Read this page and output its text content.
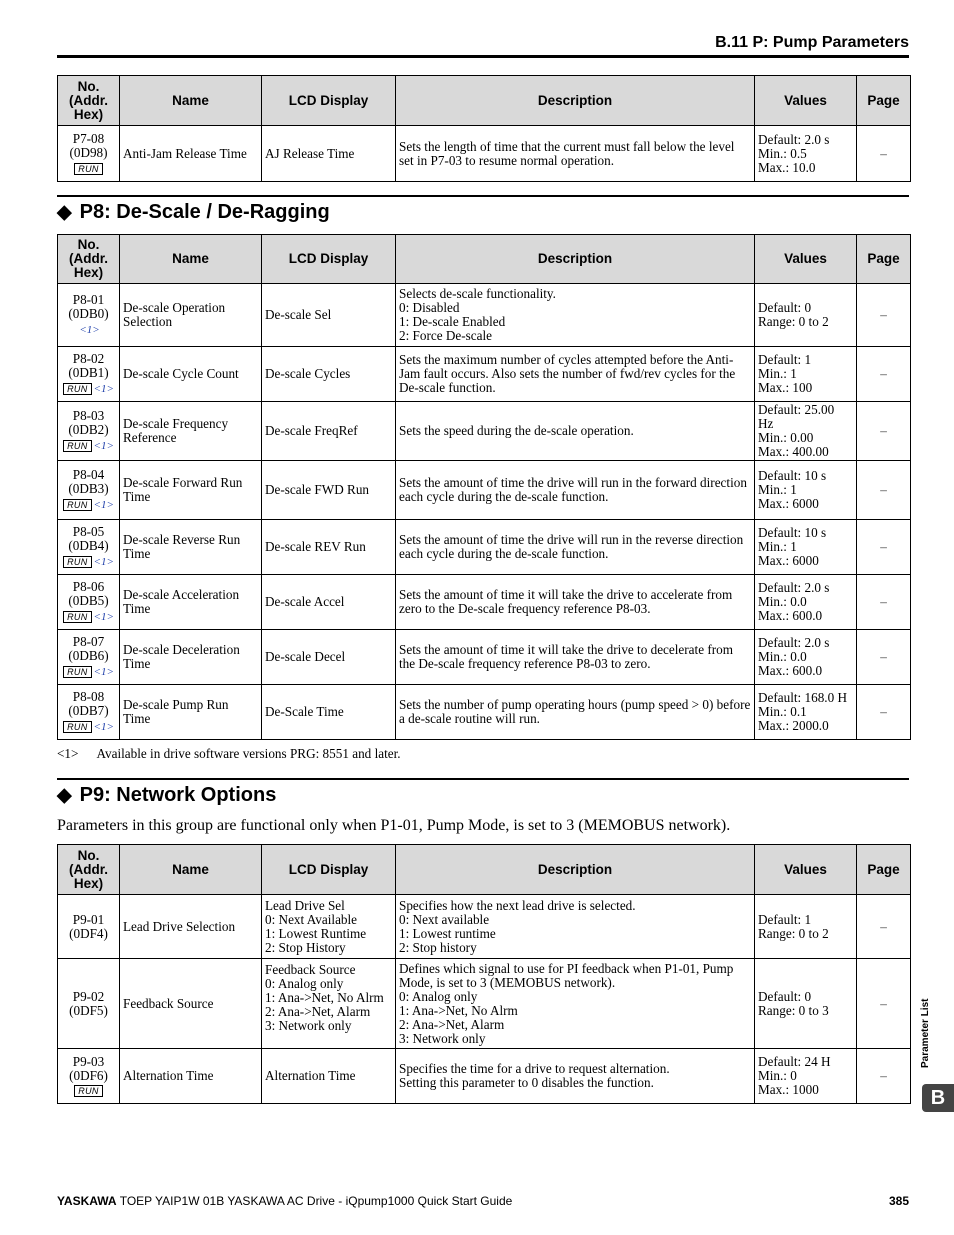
B.11 P: Pump Parameters
No.
(Addr.
Hex)	Name	LCD Display	Description	Values	Page

P7-08
(0D98)
RUN	Anti-Jam Release Time	AJ Release Time	Sets the length of time that the current must fall below the level set in P7-03 to resume normal operation.	Default: 2.0 s
Min.: 0.5
Max.: 10.0	–
◆ P8: De-Scale / De-Ragging
No.
(Addr.
Hex)	Name	LCD Display	Description	Values	Page

P8-01
(0DB0)
<1>	De-scale Operation Selection	De-scale Sel	Selects de-scale functionality.
0: Disabled
1: De-scale Enabled
2: Force De-scale	Default: 0
Range: 0 to 2	–

P8-02
(0DB1)
RUN <1>	De-scale Cycle Count	De-scale Cycles	Sets the maximum number of cycles attempted before the Anti-Jam fault occurs. Also sets the number of fwd/rev cycles for the De-scale function.	Default: 1
Min.: 1
Max.: 100	–

P8-03
(0DB2)
RUN <1>	De-scale Frequency Reference	De-scale FreqRef	Sets the speed during the de-scale operation.	Default: 25.00
Hz
Min.: 0.00
Max.: 400.00	–

P8-04
(0DB3)
RUN <1>	De-scale Forward Run Time	De-scale FWD Run	Sets the amount of time the drive will run in the forward direction each cycle during the de-scale function.	Default: 10 s
Min.: 1
Max.: 6000	–

P8-05
(0DB4)
RUN <1>	De-scale Reverse Run Time	De-scale REV Run	Sets the amount of time the drive will run in the reverse direction each cycle during the de-scale function.	Default: 10 s
Min.: 1
Max.: 6000	–

P8-06
(0DB5)
RUN <1>	De-scale Acceleration Time	De-scale Accel	Sets the amount of time it will take the drive to accelerate from zero to the De-scale frequency reference P8-03.	Default: 2.0 s
Min.: 0.0
Max.: 600.0	–

P8-07
(0DB6)
RUN <1>	De-scale Deceleration Time	De-scale Decel	Sets the amount of time it will take the drive to decelerate from the De-scale frequency reference P8-03 to zero.	Default: 2.0 s
Min.: 0.0
Max.: 600.0	–

P8-08
(0DB7)
RUN <1>	De-scale Pump Run Time	De-Scale Time	Sets the number of pump operating hours (pump speed > 0) before a de-scale routine will run.	Default: 168.0 H
Min.: 0.1
Max.: 2000.0	–
<1> Available in drive software versions PRG: 8551 and later.
◆ P9: Network Options
Parameters in this group are functional only when P1-01, Pump Mode, is set to 3 (MEMOBUS network).
No.
(Addr.
Hex)	Name	LCD Display	Description	Values	Page

P9-01
(0DF4)	Lead Drive Selection	Lead Drive Sel
0: Next Available
1: Lowest Runtime
2: Stop History	Specifies how the next lead drive is selected.
0: Next available
1: Lowest runtime
2: Stop history	Default: 1
Range: 0 to 2	–

P9-02
(0DF5)	Feedback Source	Feedback Source
0: Analog only
1: Ana->Net, No Alrm
2: Ana->Net, Alarm
3: Network only	Defines which signal to use for PI feedback when P1-01, Pump Mode, is set to 3 (MEMOBUS network).
0: Analog only
1: Ana->Net, No Alrm
2: Ana->Net, Alarm
3: Network only	Default: 0
Range: 0 to 3	–

P9-03
(0DF6)
RUN	Alternation Time	Alternation Time	Specifies the time for a drive to request alternation.
Setting this parameter to 0 disables the function.	Default: 24 H
Min.: 0
Max.: 1000	–
Parameter List
B
YASKAWA TOEP YAIP1W 01B YASKAWA AC Drive - iQpump1000 Quick Start Guide	385
